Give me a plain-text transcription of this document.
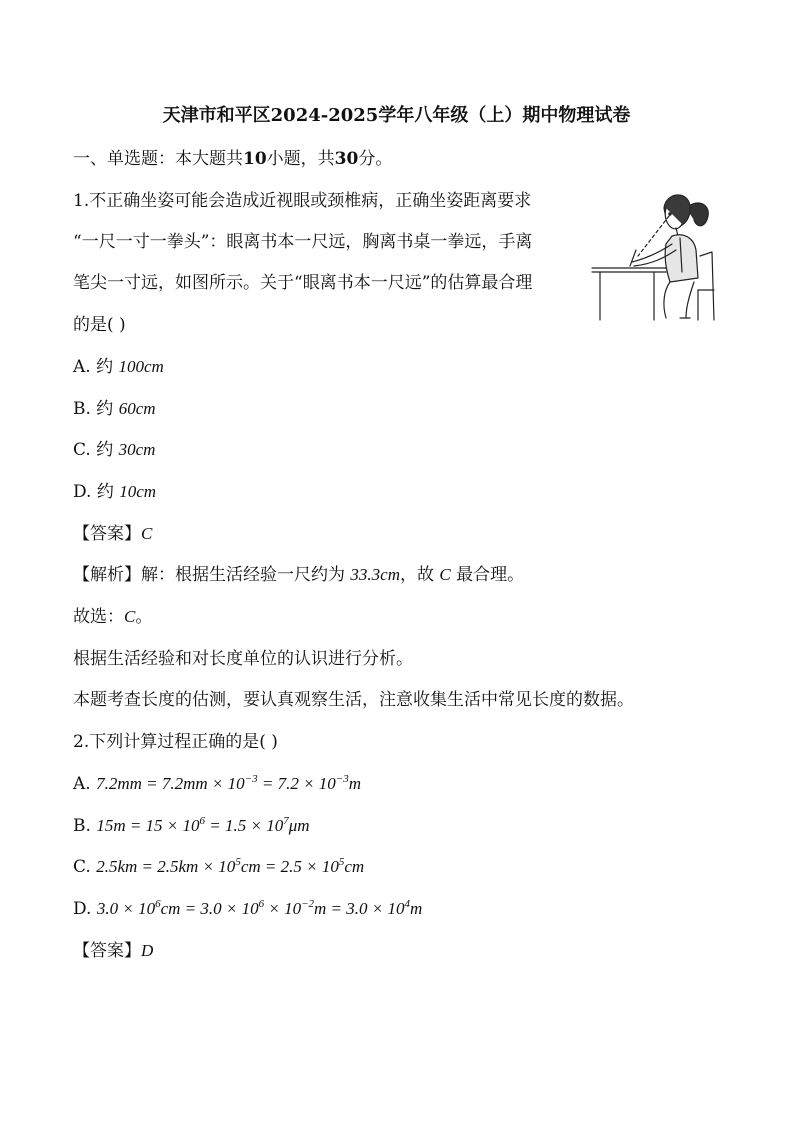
天津市和平区2024-2025学年八年级（上）期中物理试卷
一、单选题：本大题共10小题，共30分。
1.不正确坐姿可能会造成近视眼或颈椎病，正确坐姿距离要求
“一尺一寸一拳头”：眼离书本一尺远，胸离书桌一拳远，手离
笔尖一寸远，如图所示。关于“眼离书本一尺远”的估算最合理
的是( )
A. 约 100cm
B. 约 60cm
C. 约 30cm
D. 约 10cm
【答案】C
【解析】解：根据生活经验一尺约为 33.3cm，故 C 最合理。
故选：C。
根据生活经验和对长度单位的认识进行分析。
本题考查长度的估测，要认真观察生活，注意收集生活中常见长度的数据。
2.下列计算过程正确的是( )
A. $7.2mm = 7.2mm \times 10^{-3} = 7.2 \times 10^{-3}m$
B. $15m = 15 \times 10^6 = 1.5 \times 10^7\mu m$
C. $2.5km = 2.5km \times 10^5cm = 2.5 \times 10^5cm$
D. $3.0 \times 10^6cm = 3.0 \times 10^6 \times 10^{-2}m = 3.0 \times 10^4m$
【答案】D
